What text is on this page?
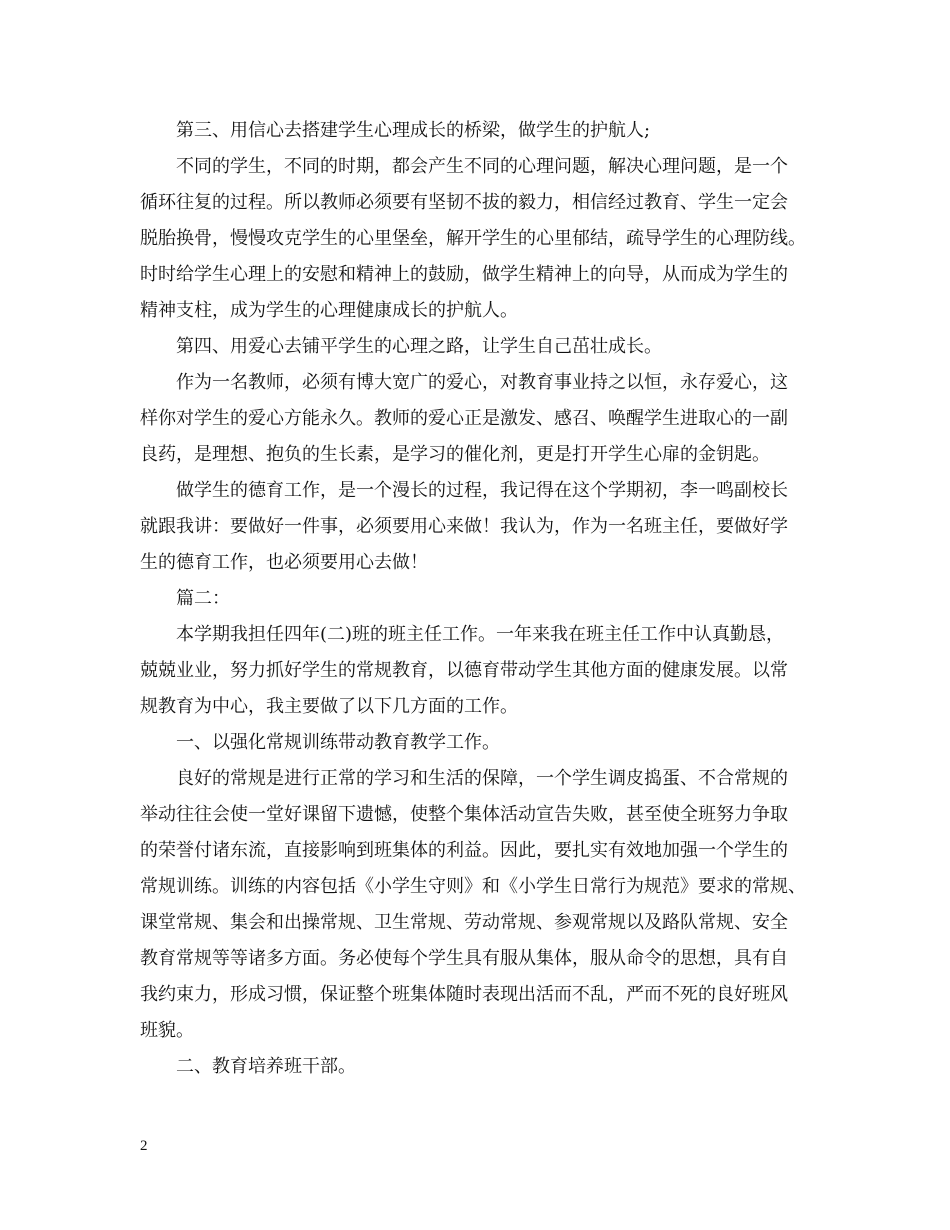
第三、用信心去搭建学生心理成长的桥梁，做学生的护航人;
不同的学生，不同的时期，都会产生不同的心理问题，解决心理问题，是一个
循环往复的过程。所以教师必须要有坚韧不拔的毅力，相信经过教育、学生一定会
脱胎换骨，慢慢攻克学生的心里堡垒，解开学生的心里郁结，疏导学生的心理防线。
时时给学生心理上的安慰和精神上的鼓励，做学生精神上的向导，从而成为学生的
精神支柱，成为学生的心理健康成长的护航人。
第四、用爱心去铺平学生的心理之路，让学生自己茁壮成长。
作为一名教师，必须有博大宽广的爱心，对教育事业持之以恒，永存爱心，这
样你对学生的爱心方能永久。教师的爱心正是激发、感召、唤醒学生进取心的一副
良药，是理想、抱负的生长素，是学习的催化剂，更是打开学生心扉的金钥匙。
做学生的德育工作，是一个漫长的过程，我记得在这个学期初，李一鸣副校长
就跟我讲：要做好一件事，必须要用心来做！我认为，作为一名班主任，要做好学
生的德育工作，也必须要用心去做！
篇二：
本学期我担任四年(二)班的班主任工作。一年来我在班主任工作中认真勤恳，
兢兢业业，努力抓好学生的常规教育，以德育带动学生其他方面的健康发展。以常
规教育为中心，我主要做了以下几方面的工作。
一、以强化常规训练带动教育教学工作。
良好的常规是进行正常的学习和生活的保障，一个学生调皮捣蛋、不合常规的
举动往往会使一堂好课留下遗憾，使整个集体活动宣告失败，甚至使全班努力争取
的荣誉付诸东流，直接影响到班集体的利益。因此，要扎实有效地加强一个学生的
常规训练。训练的内容包括《小学生守则》和《小学生日常行为规范》要求的常规、
课堂常规、集会和出操常规、卫生常规、劳动常规、参观常规以及路队常规、安全
教育常规等等诸多方面。务必使每个学生具有服从集体，服从命令的思想，具有自
我约束力，形成习惯，保证整个班集体随时表现出活而不乱，严而不死的良好班风
班貌。
二、教育培养班干部。
2
